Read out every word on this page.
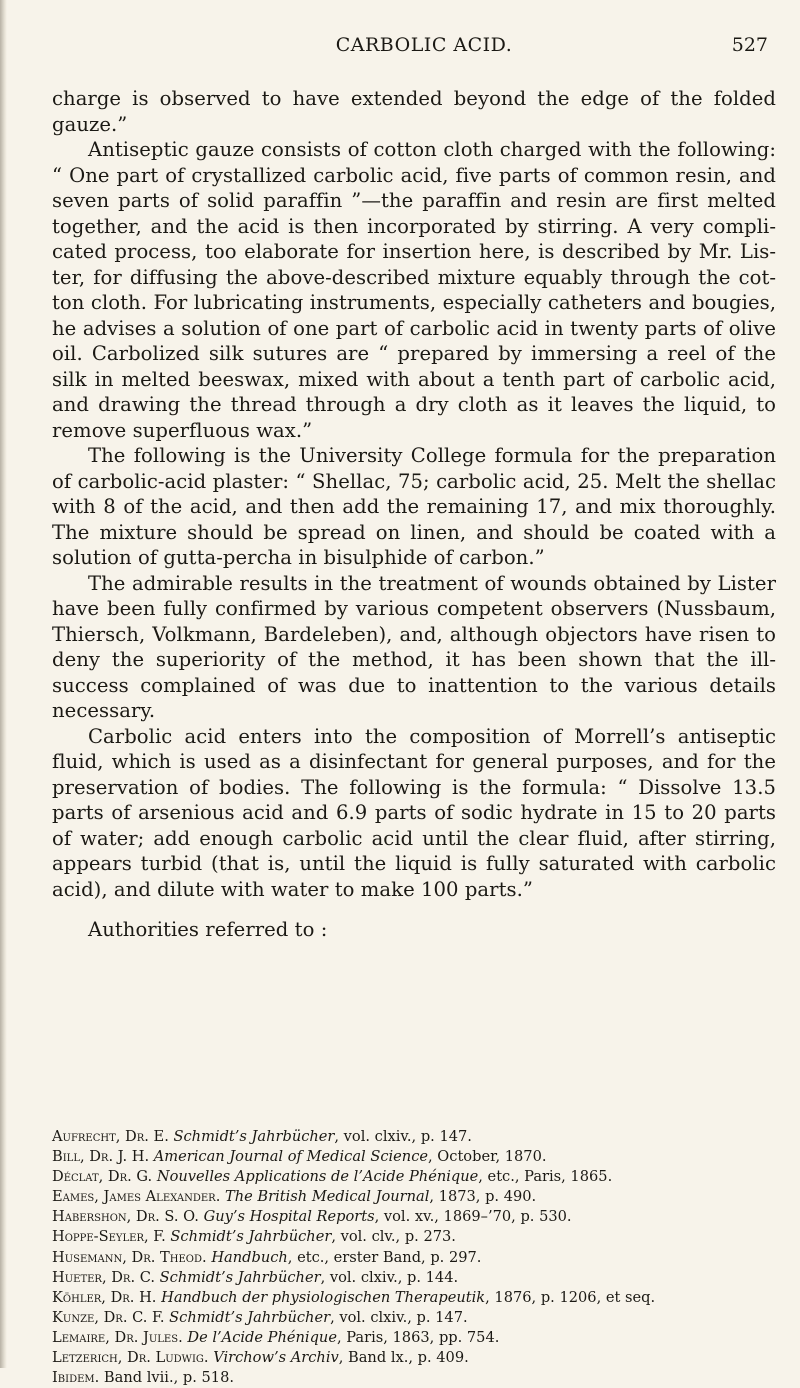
CARBOLIC ACID.	527

charge is observed to have extended beyond the edge of the folded gauze.”

Antiseptic gauze consists of cotton cloth charged with the following: “ One part of crystallized carbolic acid, five parts of common resin, and seven parts of solid paraffin ”—the paraffin and resin are first melted together, and the acid is then incorporated by stirring. A very complicated process, too elaborate for insertion here, is described by Mr. Lister, for diffusing the above-described mixture equably through the cotton cloth. For lubricating instruments, especially catheters and bougies, he advises a solution of one part of carbolic acid in twenty parts of olive oil. Carbolized silk sutures are “ prepared by immersing a reel of the silk in melted beeswax, mixed with about a tenth part of carbolic acid, and drawing the thread through a dry cloth as it leaves the liquid, to remove superfluous wax.”

The following is the University College formula for the preparation of carbolic-acid plaster: “ Shellac, 75; carbolic acid, 25. Melt the shellac with 8 of the acid, and then add the remaining 17, and mix thoroughly. The mixture should be spread on linen, and should be coated with a solution of gutta-percha in bisulphide of carbon.”

The admirable results in the treatment of wounds obtained by Lister have been fully confirmed by various competent observers (Nussbaum, Thiersch, Volkmann, Bardeleben), and, although objectors have risen to deny the superiority of the method, it has been shown that the ill-success complained of was due to inattention to the various details necessary.

Carbolic acid enters into the composition of Morrell’s antiseptic fluid, which is used as a disinfectant for general purposes, and for the preservation of bodies. The following is the formula: “ Dissolve 13.5 parts of arsenious acid and 6.9 parts of sodic hydrate in 15 to 20 parts of water; add enough carbolic acid until the clear fluid, after stirring, appears turbid (that is, until the liquid is fully saturated with carbolic acid), and dilute with water to make 100 parts.”

Authorities referred to :

Aufrecht, Dr. E. Schmidt’s Jahrbücher, vol. clxiv., p. 147.
Bill, Dr. J. H. American Journal of Medical Science, October, 1870.
Déclat, Dr. G. Nouvelles Applications de l’Acide Phénique, etc., Paris, 1865.
Eames, James Alexander. The British Medical Journal, 1873, p. 490.
Habershon, Dr. S. O. Guy’s Hospital Reports, vol. xv., 1869–’70, p. 530.
Hoppe-Seyler, F. Schmidt’s Jahrbücher, vol. clv., p. 273.
Husemann, Dr. Theod. Handbuch, etc., erster Band, p. 297.
Hueter, Dr. C. Schmidt’s Jahrbücher, vol. clxiv., p. 144.
Köhler, Dr. H. Handbuch der physiologischen Therapeutik, 1876, p. 1206, et seq.
Kunze, Dr. C. F. Schmidt’s Jahrbücher, vol. clxiv., p. 147.
Lemaire, Dr. Jules. De l’Acide Phénique, Paris, 1863, pp. 754.
Letzerich, Dr. Ludwig. Virchow’s Archiv, Band lx., p. 409.
Ibidem. Band lvii., p. 518.
